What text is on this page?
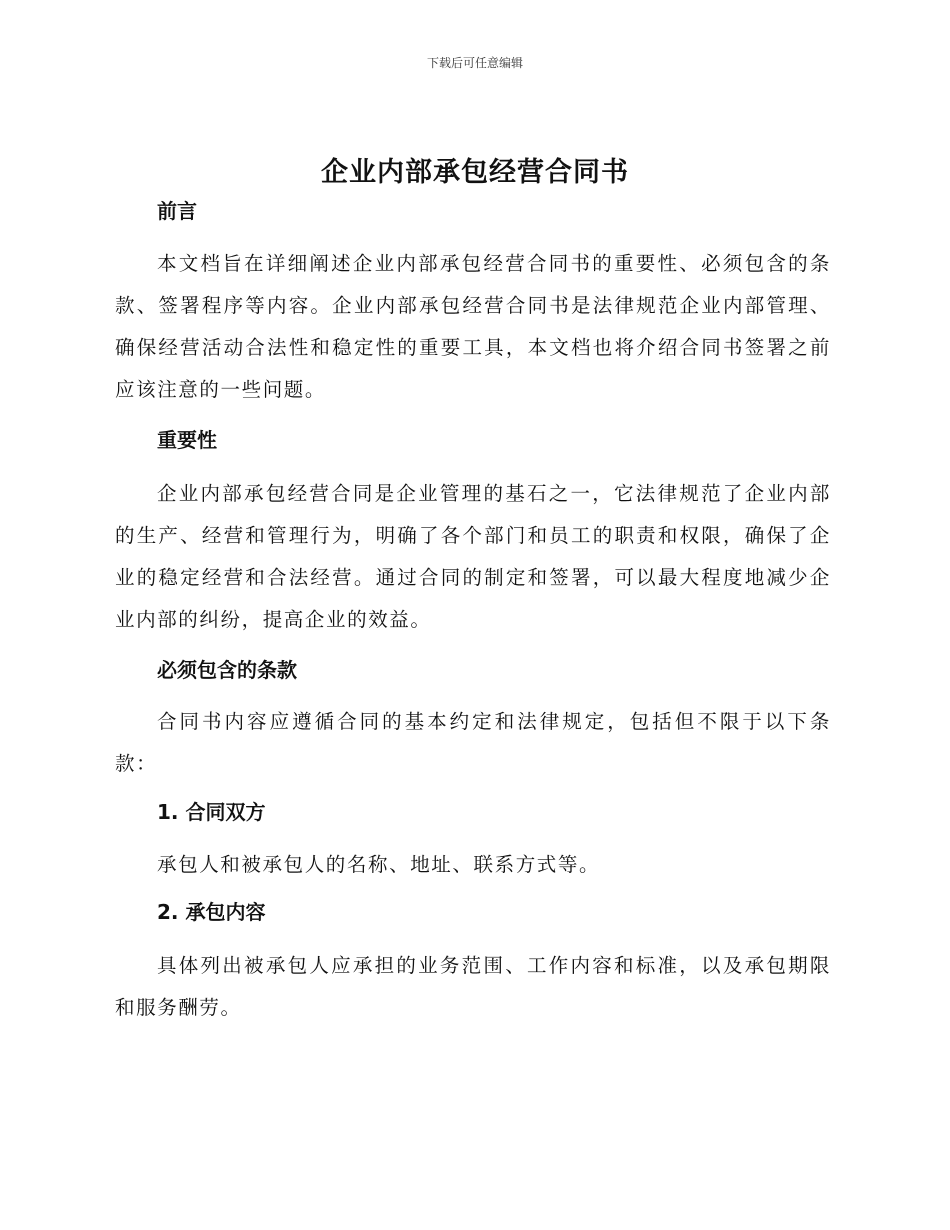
下载后可任意编辑
企业内部承包经营合同书
前言

本文档旨在详细阐述企业内部承包经营合同书的重要性、必须包含的条款、签署程序等内容。企业内部承包经营合同书是法律规范企业内部管理、确保经营活动合法性和稳定性的重要工具，本文档也将介绍合同书签署之前应该注意的一些问题。

重要性

企业内部承包经营合同是企业管理的基石之一，它法律规范了企业内部的生产、经营和管理行为，明确了各个部门和员工的职责和权限，确保了企业的稳定经营和合法经营。通过合同的制定和签署，可以最大程度地减少企业内部的纠纷，提高企业的效益。

必须包含的条款

合同书内容应遵循合同的基本约定和法律规定，包括但不限于以下条款：

1. 合同双方

承包人和被承包人的名称、地址、联系方式等。

2. 承包内容

具体列出被承包人应承担的业务范围、工作内容和标准，以及承包期限和服务酬劳。
